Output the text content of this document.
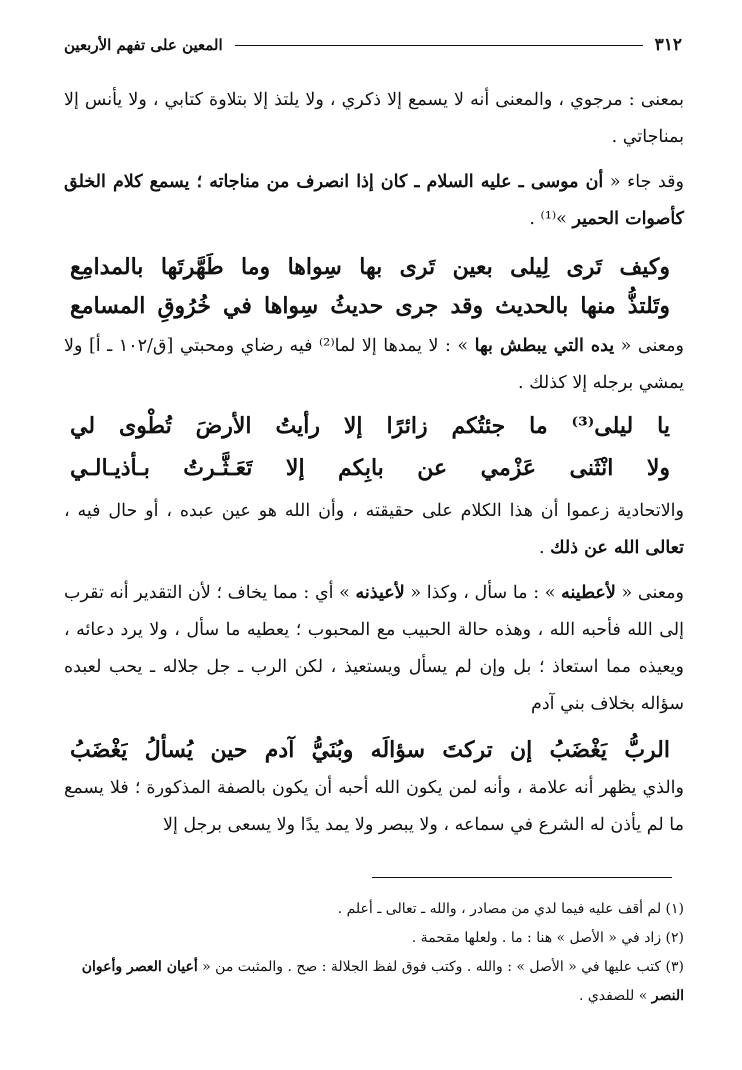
٣١٢
المعين على تفهم الأربعين

بمعنى : مرجوي ، والمعنى أنه لا يسمع إلا ذكري ، ولا يلتذ إلا بتلاوة كتابي ، ولا يأنس إلا بمناجاتي .

وقد جاء « أن موسى ـ عليه السلام ـ كان إذا انصرف من مناجاته ؛ يسمع كلام الخلق كأصوات الحمير »⁽¹⁾ .

وكيف تَرى لِيلى بعين تَرى بها سِواها وما طَهَّرتَها بالمدامِع

وتَلتذُّ منها بالحديث وقد جرى حديثُ سِواها في خُرُوقِ المسامع

ومعنى « يده التي يبطش بها » : لا يمدها إلا لما⁽²⁾ فيه رضاي ومحبتي [ق/١٠٢ ـ أ] ولا يمشي برجله إلا كذلك .

يا ليلى⁽³⁾ ما جئتُكم زائرًا إلا رأيتُ الأرضَ تُطْوى لي

ولا انْثَنى عَزْمي عن بابِكم إلا تَعَـثَّـرتُ بـأذيـالـي

والاتحادية زعموا أن هذا الكلام على حقيقته ، وأن الله هو عين عبده ، أو حال فيه ، تعالى الله عن ذلك .

ومعنى « لأعطينه » : ما سأل ، وكذا « لأعيذنه » أي : مما يخاف ؛ لأن التقدير أنه تقرب إلى الله فأحبه الله ، وهذه حالة الحبيب مع المحبوب ؛ يعطيه ما سأل ، ولا يرد دعائه ، ويعيذه مما استعاذ ؛ بل وإن لم يسأل ويستعيذ ، لكن الرب ـ جل جلاله ـ يحب لعبده سؤاله بخلاف بني آدم

الربُّ يَغْضَبُ إن تركتَ سؤالَه وبُنَيُّ آدم حين يُسألُ يَغْضَبُ

والذي يظهر أنه علامة ، وأنه لمن يكون الله أحبه أن يكون بالصفة المذكورة ؛ فلا يسمع ما لم يأذن له الشرع في سماعه ، ولا يبصر ولا يمد يدًا ولا يسعى برجل إلا

(١) لم أقف عليه فيما لدي من مصادر ، والله ـ تعالى ـ أعلم .
(٢) زاد في « الأصل » هنا : ما . ولعلها مقحمة .
(٣) كتب عليها في « الأصل » : والله . وكتب فوق لفظ الجلالة : صح . والمثبت من « أعيان العصر وأعوان النصر » للصفدي .
